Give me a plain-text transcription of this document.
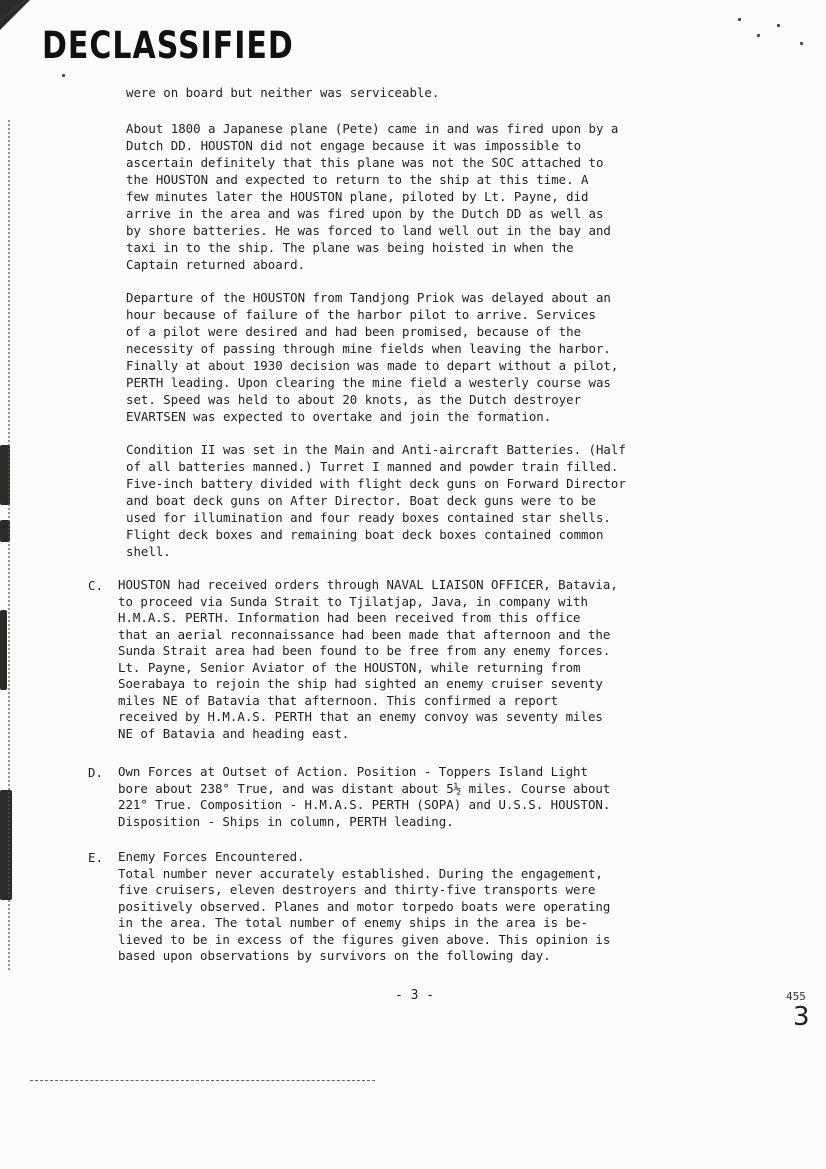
DECLASSIFIED
were on board but neither was serviceable.
About 1800 a Japanese plane (Pete) came in and was fired upon by a
Dutch DD. HOUSTON did not engage because it was impossible to
ascertain definitely that this plane was not the SOC attached to
the HOUSTON and expected to return to the ship at this time. A
few minutes later the HOUSTON plane, piloted by Lt. Payne, did
arrive in the area and was fired upon by the Dutch DD as well as
by shore batteries. He was forced to land well out in the bay and
taxi in to the ship. The plane was being hoisted in when the
Captain returned aboard.
Departure of the HOUSTON from Tandjong Priok was delayed about an
hour because of failure of the harbor pilot to arrive. Services
of a pilot were desired and had been promised, because of the
necessity of passing through mine fields when leaving the harbor.
Finally at about 1930 decision was made to depart without a pilot,
PERTH leading. Upon clearing the mine field a westerly course was
set. Speed was held to about 20 knots, as the Dutch destroyer
EVARTSEN was expected to overtake and join the formation.
Condition II was set in the Main and Anti-aircraft Batteries. (Half
of all batteries manned.) Turret I manned and powder train filled.
Five-inch battery divided with flight deck guns on Forward Director
and boat deck guns on After Director. Boat deck guns were to be
used for illumination and four ready boxes contained star shells.
Flight deck boxes and remaining boat deck boxes contained common
shell.
C. HOUSTON had received orders through NAVAL LIAISON OFFICER, Batavia,
to proceed via Sunda Strait to Tjilatjap, Java, in company with
H.M.A.S. PERTH. Information had been received from this office
that an aerial reconnaissance had been made that afternoon and the
Sunda Strait area had been found to be free from any enemy forces.
Lt. Payne, Senior Aviator of the HOUSTON, while returning from
Soerabaya to rejoin the ship had sighted an enemy cruiser seventy
miles NE of Batavia that afternoon. This confirmed a report
received by H.M.A.S. PERTH that an enemy convoy was seventy miles
NE of Batavia and heading east.
D. Own Forces at Outset of Action. Position - Toppers Island Light
bore about 238° True, and was distant about 5½ miles. Course about
221° True. Composition - H.M.A.S. PERTH (SOPA) and U.S.S. HOUSTON.
Disposition - Ships in column, PERTH leading.
E. Enemy Forces Encountered.
Total number never accurately established. During the engagement,
five cruisers, eleven destroyers and thirty-five transports were
positively observed. Planes and motor torpedo boats were operating
in the area. The total number of enemy ships in the area is be-
lieved to be in excess of the figures given above. This opinion is
based upon observations by survivors on the following day.
- 3 -	455
3
